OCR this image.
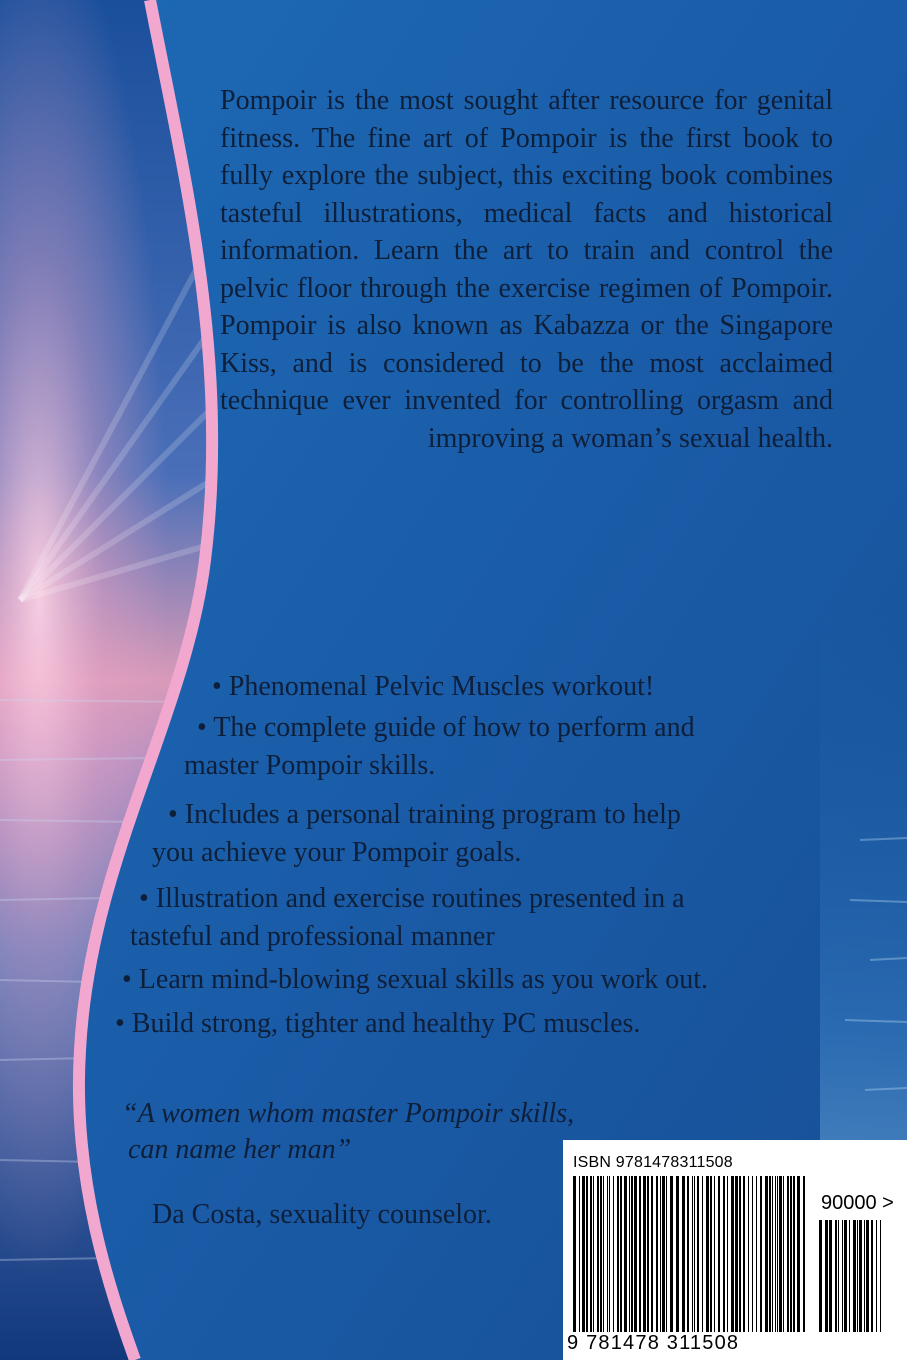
Pompoir is the most sought after resource for genital fitness. The fine art of Pompoir is the first book to fully explore the subject, this exciting book combines tasteful illustrations, medical facts and historical information. Learn the art to train and control the pelvic floor through the exercise regimen of Pompoir. Pompoir is also known as Kabazza or the Singapore Kiss, and is considered to be the most acclaimed technique ever invented for controlling orgasm and improving a woman’s sexual health.

• Phenomenal Pelvic Muscles workout!
• The complete guide of how to perform and
master Pompoir skills.
• Includes a personal training program to help
you achieve your Pompoir goals.
• Illustration and exercise routines presented in a
tasteful and professional manner
• Learn mind-blowing sexual skills as you work out.
• Build strong, tighter and healthy PC muscles.
“A women whom master Pompoir skills,
can name her man”
Da Costa, sexuality counselor.
ISBN 9781478311508
90000 >
9 781478 311508
